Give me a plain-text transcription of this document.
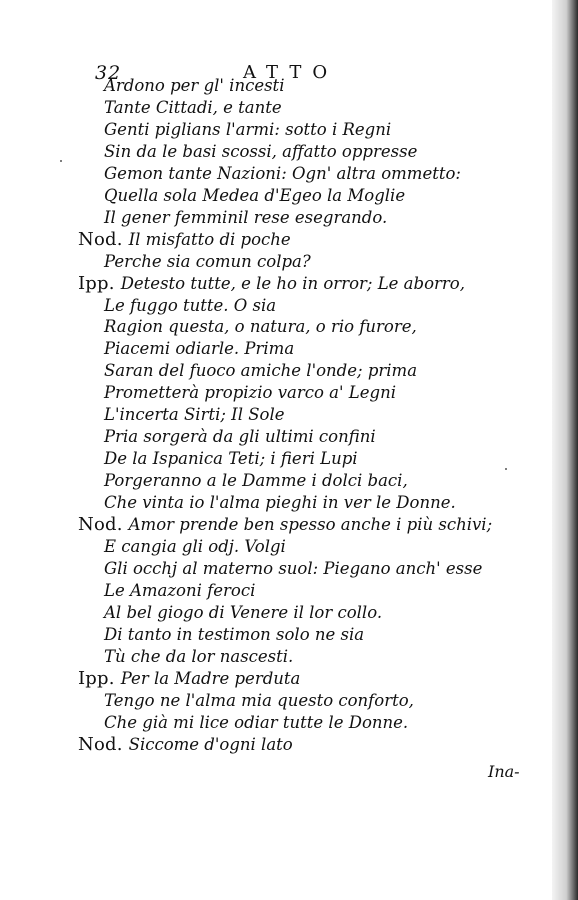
32	ATTO
Ardono per gl' incesti
Tante Cittadi, e tante
Genti piglians l'armi: sotto i Regni
Sin da le basi scossi, affatto oppresse
Gemon tante Nazioni: Ogn' altra ommetto:
Quella sola Medea d'Egeo la Moglie
Il gener femminil rese esegrando.
Nod. Il misfatto di poche
Perche sia comun colpa?
Ipp. Detesto tutte, e le ho in orror; Le aborro,
Le fuggo tutte. O sia
Ragion questa, o natura, o rio furore,
Piacemi odiarle. Prima
Saran del fuoco amiche l'onde; prima
Prometterà propizio varco a' Legni
L'incerta Sirti; Il Sole
Pria sorgerà da gli ultimi confini
De la Ispanica Teti; i fieri Lupi
Porgeranno a le Damme i dolci baci,
Che vinta io l'alma pieghi in ver le Donne.
Nod. Amor prende ben spesso anche i più schivi;
E cangia gli odj. Volgi
Gli occhj al materno suol: Piegano anch' esse
Le Amazoni feroci
Al bel giogo di Venere il lor collo.
Di tanto in testimon solo ne sia
Tù che da lor nascesti.
Ipp. Per la Madre perduta
Tengo ne l'alma mia questo conforto,
Che già mi lice odiar tutte le Donne.
Nod. Siccome d'ogni lato
Ina-
